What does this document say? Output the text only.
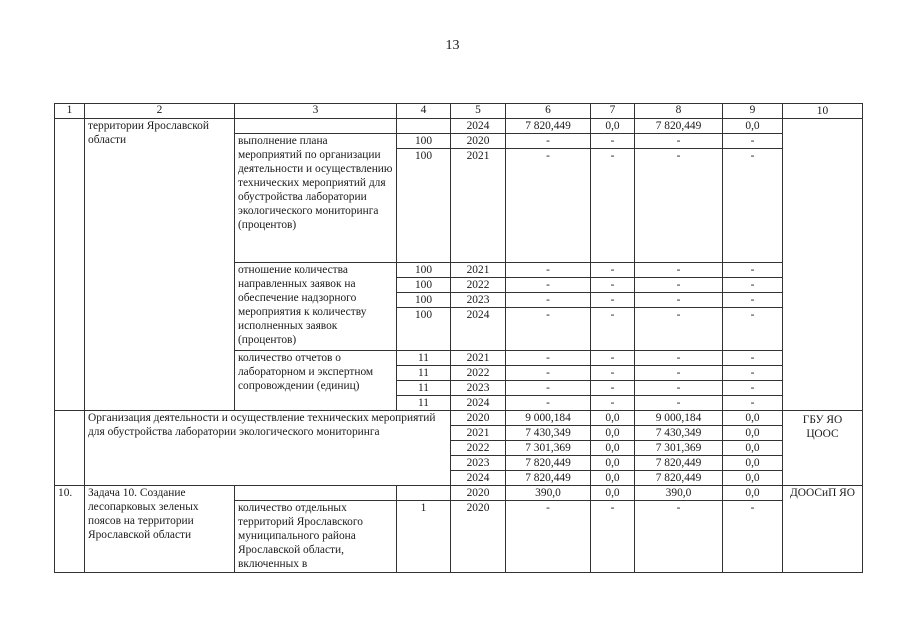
13
1	2	3	4	5	6	7	8	9	10
	территории Ярославской области			2024	7 820,449	0,0	7 820,449	0,0	
		выполнение плана мероприятий по организации деятельности и осуществлению технических мероприятий для обустройства лаборатории экологического мониторинга (процентов)	100	2020	-	-	-	-	
			100	2021	-	-	-	-	
		отношение количества направленных заявок на обеспечение надзорного мероприятия к количеству исполненных заявок (процентов)	100	2021	-	-	-	-	
			100	2022	-	-	-	-	
			100	2023	-	-	-	-	
			100	2024	-	-	-	-	
		количество отчетов о лабораторном и экспертном сопровождении (единиц)	11	2021	-	-	-	-	
			11	2022	-	-	-	-	
			11	2023	-	-	-	-	
			11	2024	-	-	-	-	
	Организация деятельности и осуществление технических мероприятий для обустройства лаборатории экологического мониторинга			2020	9 000,184	0,0	9 000,184	0,0	ГБУ ЯО ЦООС
				2021	7 430,349	0,0	7 430,349	0,0	
				2022	7 301,369	0,0	7 301,369	0,0	
				2023	7 820,449	0,0	7 820,449	0,0	
				2024	7 820,449	0,0	7 820,449	0,0	
10.	Задача 10. Создание лесопарковых зеленых поясов на территории Ярославской области			2020	390,0	0,0	390,0	0,0	ДООСиП ЯО
		количество отдельных территорий Ярославского муниципального района Ярославской области, включенных в	1	2020	-	-	-	-	
